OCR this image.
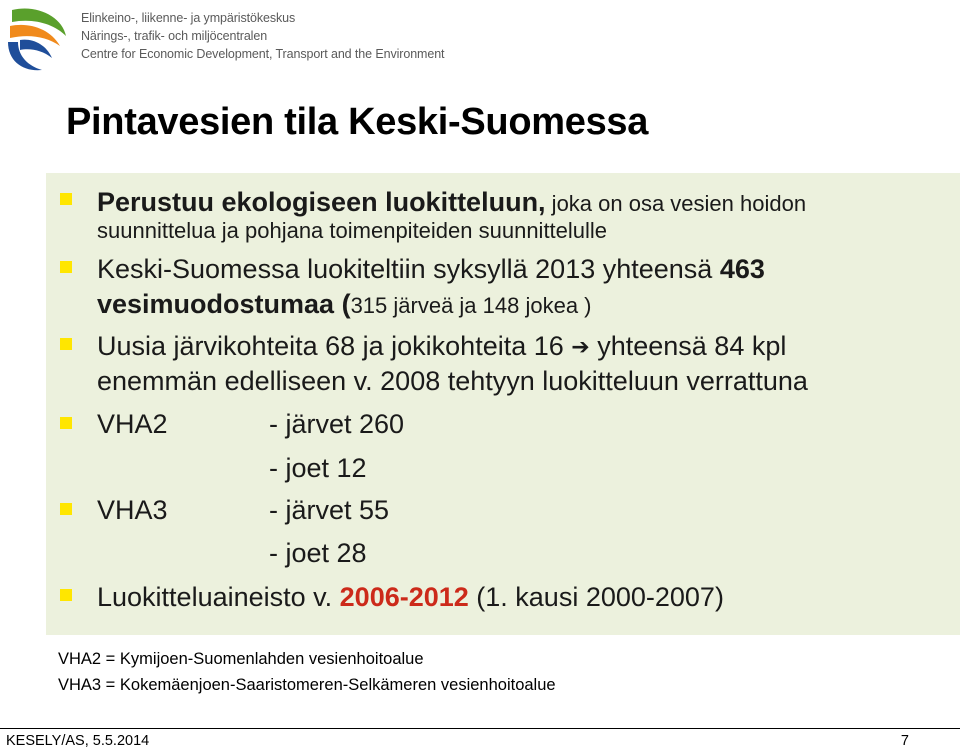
Elinkeino-, liikenne- ja ympäristökeskus
Närings-, trafik- och miljöcentralen
Centre for Economic Development, Transport and the Environment
Pintavesien tila Keski-Suomessa
Perustuu ekologiseen luokitteluun, joka on osa vesien hoidon
suunnittelua ja pohjana toimenpiteiden suunnittelulle
Keski-Suomessa luokiteltiin syksyllä 2013 yhteensä 463
vesimuodostumaa (315 järveä ja 148 jokea )
Uusia järvikohteita 68 ja jokikohteita 16 ➔ yhteensä 84 kpl
enemmän edelliseen v. 2008 tehtyyn luokitteluun verrattuna
VHA2	- järvet 260
- joet 12
VHA3	- järvet 55
- joet 28
Luokitteluaineisto v. 2006-2012 (1. kausi 2000-2007)
VHA2 = Kymijoen-Suomenlahden vesienhoitoalue
VHA3 = Kokemäenjoen-Saaristomeren-Selkämeren vesienhoitoalue
KESELY/AS, 5.5.2014	7
